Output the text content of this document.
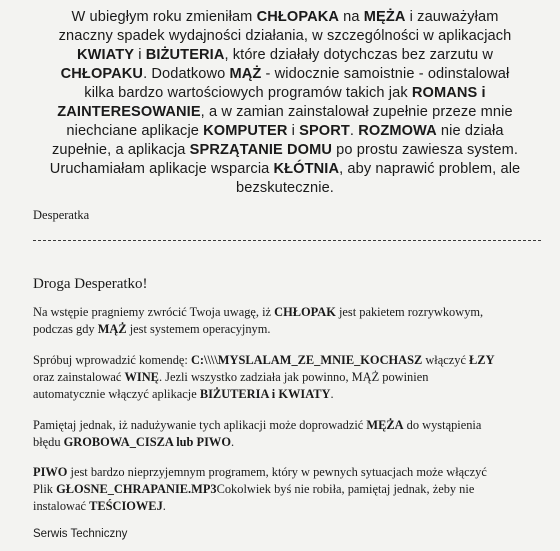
W ubiegłym roku zmieniłam CHŁOPAKA na MĘŻA i zauważyłam
znaczny spadek wydajności działania, w szczególności w aplikacjach
KWIATY i BIŻUTERIA, które działały dotychczas bez zarzutu w
CHŁOPAKU. Dodatkowo MĄŻ - widocznie samoistnie - odinstalował
kilka bardzo wartościowych programów takich jak ROMANS i
ZAINTERESOWANIE, a w zamian zainstalował zupełnie przeze mnie
niechciane aplikacje KOMPUTER i SPORT. ROZMOWA nie działa
zupełnie, a aplikacja SPRZĄTANIE DOMU po prostu zawiesza system.
Uruchamiałam aplikacje wsparcia KŁÓTNIA, aby naprawić problem, ale
bezskutecznie.
Desperatka
Droga Desperatko!
Na wstępie pragniemy zwrócić Twoja uwagę, iż CHŁOPAK jest pakietem rozrywkowym,
podczas gdy MĄŻ jest systemem operacyjnym.
Spróbuj wprowadzić komendę: C:\\\\MYSLALAM_ZE_MNIE_KOCHASZ włączyć ŁZY
oraz zainstalować WINĘ. Jezli wszystko zadziała jak powinno, MĄŻ powinien
automatycznie włączyć aplikacje BIŻUTERIA i KWIATY.
Pamiętaj jednak, iż nadużywanie tych aplikacji może doprowadzić MĘŻA do wystąpienia
błędu GROBOWA_CISZA lub PIWO.
PIWO jest bardzo nieprzyjemnym programem, który w pewnych sytuacjach może włączyć
Plik GŁOSNE_CHRAPANIE.MP3Cokolwiek byś nie robiła, pamiętaj jednak, żeby nie
instalować TEŚCIOWEJ.
Serwis Techniczny
